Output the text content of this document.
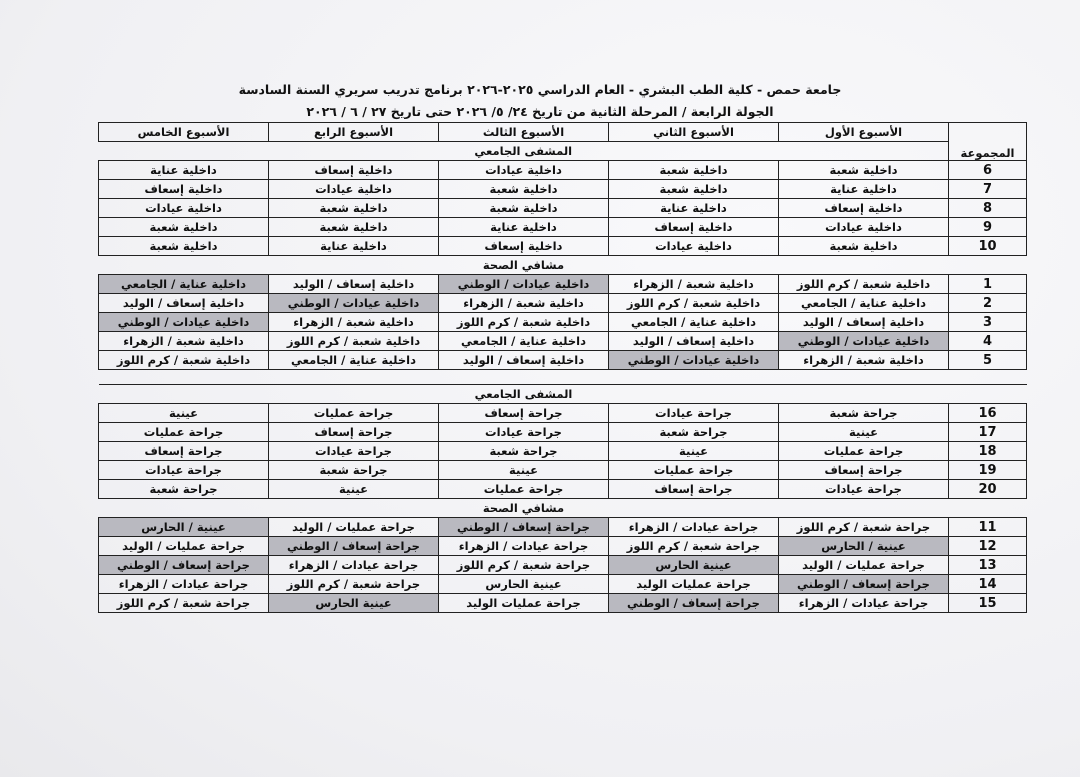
جامعة حمص - كلية الطب البشري - العام الدراسي ٢٠٢٥-٢٠٢٦ برنامج تدريب سريري السنة السادسة
الجولة الرابعة / المرحلة الثانية من تاريخ ٢٤/ ٥/ ٢٠٢٦ حتى تاريخ ٢٧ / ٦ / ٢٠٢٦
المجموعة	الأسبوع الأول	الأسبوع الثاني	الأسبوع الثالث	الأسبوع الرابع	الأسبوع الخامس
	المشفى الجامعي				
6	داخلية شعبة	داخلية شعبة	داخلية عيادات	داخلية إسعاف	داخلية عناية
7	داخلية عناية	داخلية شعبة	داخلية شعبة	داخلية عيادات	داخلية إسعاف
8	داخلية إسعاف	داخلية عناية	داخلية شعبة	داخلية شعبة	داخلية عيادات
9	داخلية عيادات	داخلية إسعاف	داخلية عناية	داخلية شعبة	داخلية شعبة
10	داخلية شعبة	داخلية عيادات	داخلية إسعاف	داخلية عناية	داخلية شعبة
	مشافي الصحة				
1	داخلية شعبة / كرم اللوز	داخلية شعبة / الزهراء	داخلية عيادات / الوطني	داخلية إسعاف / الوليد	داخلية عناية / الجامعي
2	داخلية عناية / الجامعي	داخلية شعبة / كرم اللوز	داخلية شعبة / الزهراء	داخلية عيادات / الوطني	داخلية إسعاف / الوليد
3	داخلية إسعاف / الوليد	داخلية عناية / الجامعي	داخلية شعبة / كرم اللوز	داخلية شعبة / الزهراء	داخلية عيادات / الوطني
4	داخلية عيادات / الوطني	داخلية إسعاف / الوليد	داخلية عناية / الجامعي	داخلية شعبة / كرم اللوز	داخلية شعبة / الزهراء
5	داخلية شعبة / الزهراء	داخلية عيادات / الوطني	داخلية إسعاف / الوليد	داخلية عناية / الجامعي	داخلية شعبة / كرم اللوز

	المشفى الجامعي				
16	جراحة شعبة	جراحة عيادات	جراحة إسعاف	جراحة عمليات	عينية
17	عينية	جراحة شعبة	جراحة عيادات	جراحة إسعاف	جراحة عمليات
18	جراحة عمليات	عينية	جراحة شعبة	جراحة عيادات	جراحة إسعاف
19	جراحة إسعاف	جراحة عمليات	عينية	جراحة شعبة	جراحة عيادات
20	جراحة عيادات	جراحة إسعاف	جراحة عمليات	عينية	جراحة شعبة
	مشافي الصحة				
11	جراحة شعبة / كرم اللوز	جراحة عيادات / الزهراء	جراحة إسعاف / الوطني	جراحة عمليات / الوليد	عينية / الحارس
12	عينية / الحارس	جراحة شعبة / كرم اللوز	جراحة عيادات / الزهراء	جراحة إسعاف / الوطني	جراحة عمليات / الوليد
13	جراحة عمليات / الوليد	عينية الحارس	جراحة شعبة / كرم اللوز	جراحة عيادات / الزهراء	جراحة إسعاف / الوطني
14	جراحة إسعاف / الوطني	جراحة عمليات الوليد	عينية الحارس	جراحة شعبة / كرم اللوز	جراحة عيادات / الزهراء
15	جراحة عيادات / الزهراء	جراحة إسعاف / الوطني	جراحة عمليات الوليد	عينية الحارس	جراحة شعبة / كرم اللوز
